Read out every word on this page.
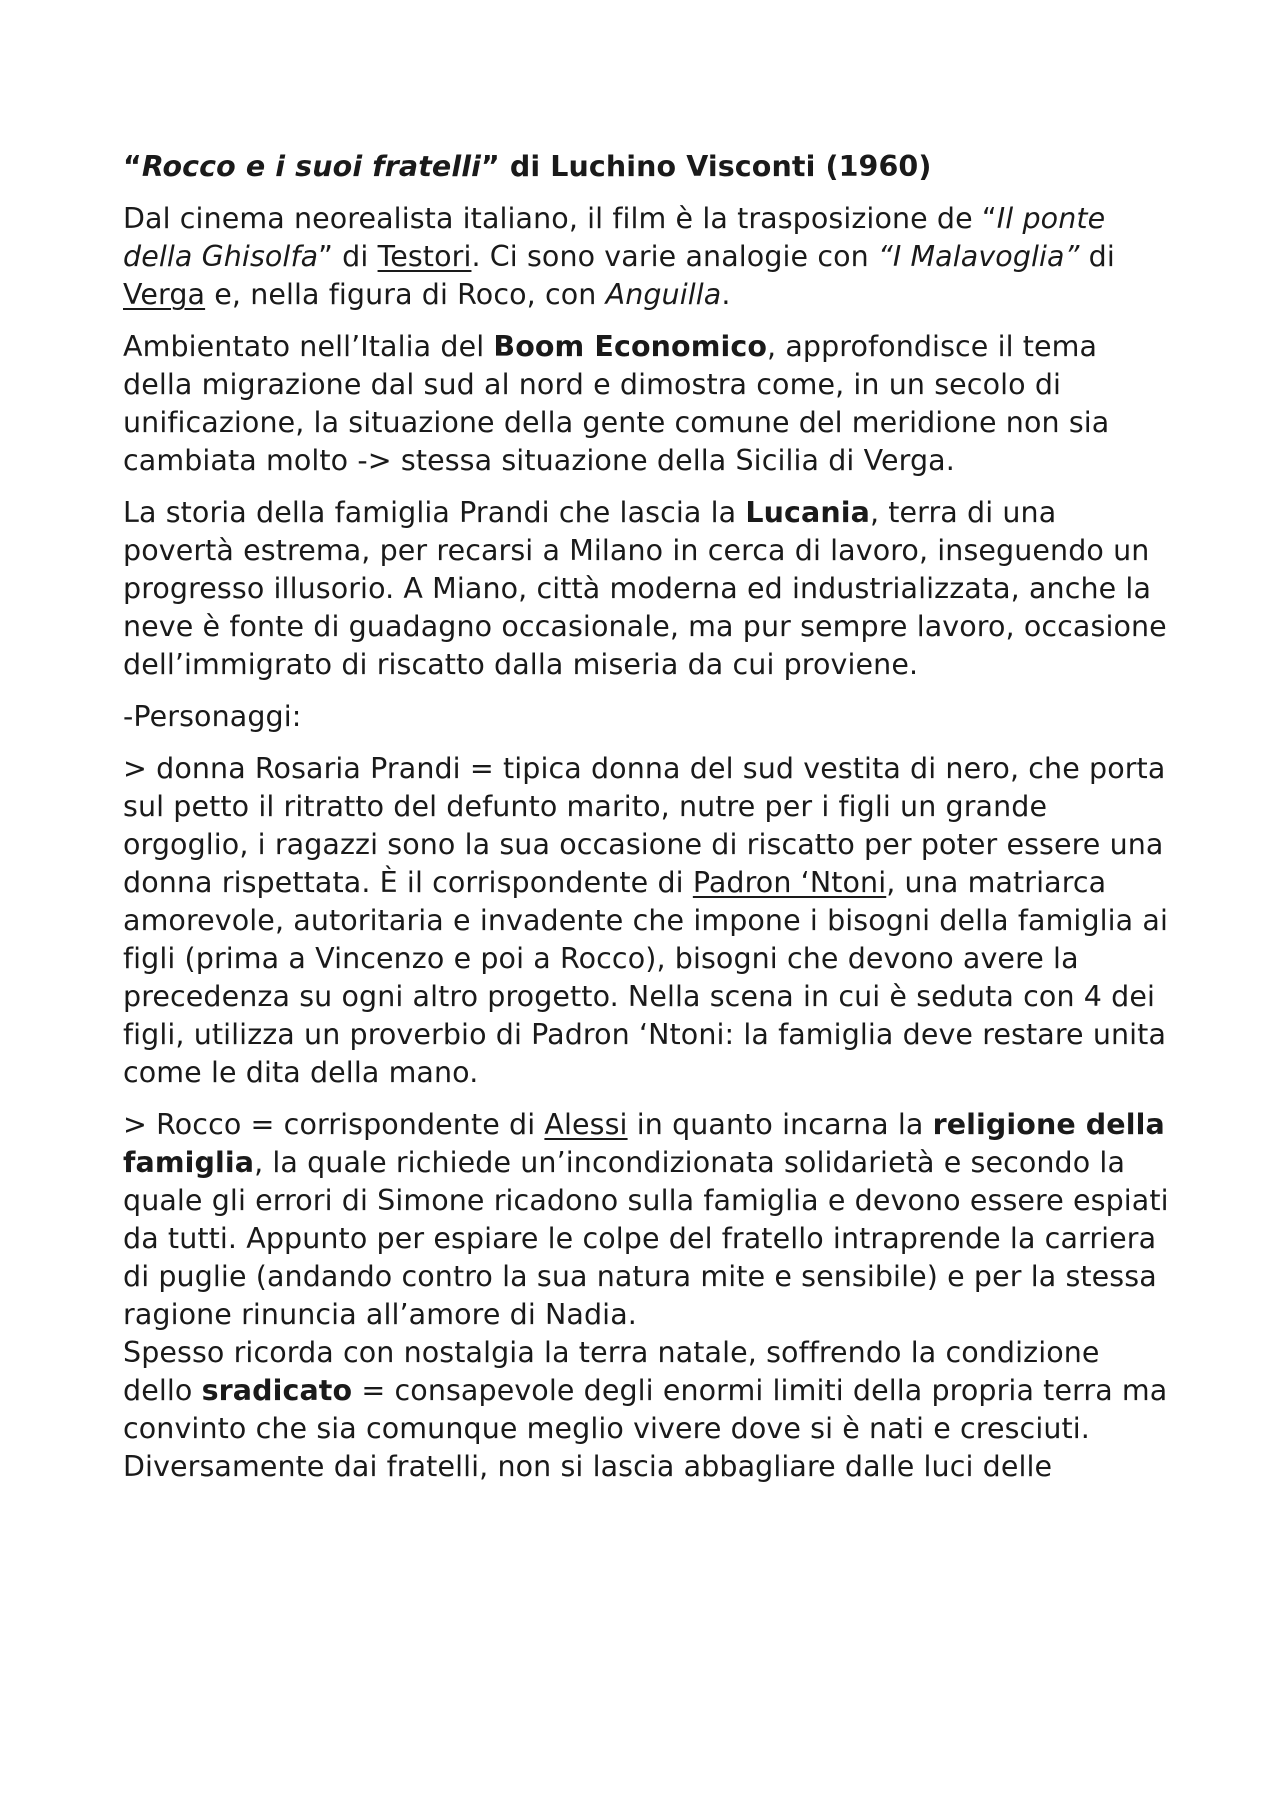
“Rocco e i suoi fratelli” di Luchino Visconti (1960)

Dal cinema neorealista italiano, il film è la trasposizione de “Il ponte della Ghisolfa” di Testori. Ci sono varie analogie con “I Malavoglia” di Verga e, nella figura di Roco, con Anguilla.

Ambientato nell’Italia del Boom Economico, approfondisce il tema della migrazione dal sud al nord e dimostra come, in un secolo di unificazione, la situazione della gente comune del meridione non sia cambiata molto -> stessa situazione della Sicilia di Verga.

La storia della famiglia Prandi che lascia la Lucania, terra di una povertà estrema, per recarsi a Milano in cerca di lavoro, inseguendo un progresso illusorio. A Miano, città moderna ed industrializzata, anche la neve è fonte di guadagno occasionale, ma pur sempre lavoro, occasione dell’immigrato di riscatto dalla miseria da cui proviene.

-Personaggi:

> donna Rosaria Prandi = tipica donna del sud vestita di nero, che porta sul petto il ritratto del defunto marito, nutre per i figli un grande orgoglio, i ragazzi sono la sua occasione di riscatto per poter essere una donna rispettata. È il corrispondente di Padron ‘Ntoni, una matriarca amorevole, autoritaria e invadente che impone i bisogni della famiglia ai figli (prima a Vincenzo e poi a Rocco), bisogni che devono avere la precedenza su ogni altro progetto. Nella scena in cui è seduta con 4 dei figli, utilizza un proverbio di Padron ‘Ntoni: la famiglia deve restare unita come le dita della mano.

> Rocco = corrispondente di Alessi in quanto incarna la religione della famiglia, la quale richiede un’incondizionata solidarietà e secondo la quale gli errori di Simone ricadono sulla famiglia e devono essere espiati da tutti. Appunto per espiare le colpe del fratello intraprende la carriera di puglie (andando contro la sua natura mite e sensibile) e per la stessa ragione rinuncia all’amore di Nadia.

Spesso ricorda con nostalgia la terra natale, soffrendo la condizione dello sradicato = consapevole degli enormi limiti della propria terra ma convinto che sia comunque meglio vivere dove si è nati e cresciuti.

Diversamente dai fratelli, non si lascia abbagliare dalle luci delle
